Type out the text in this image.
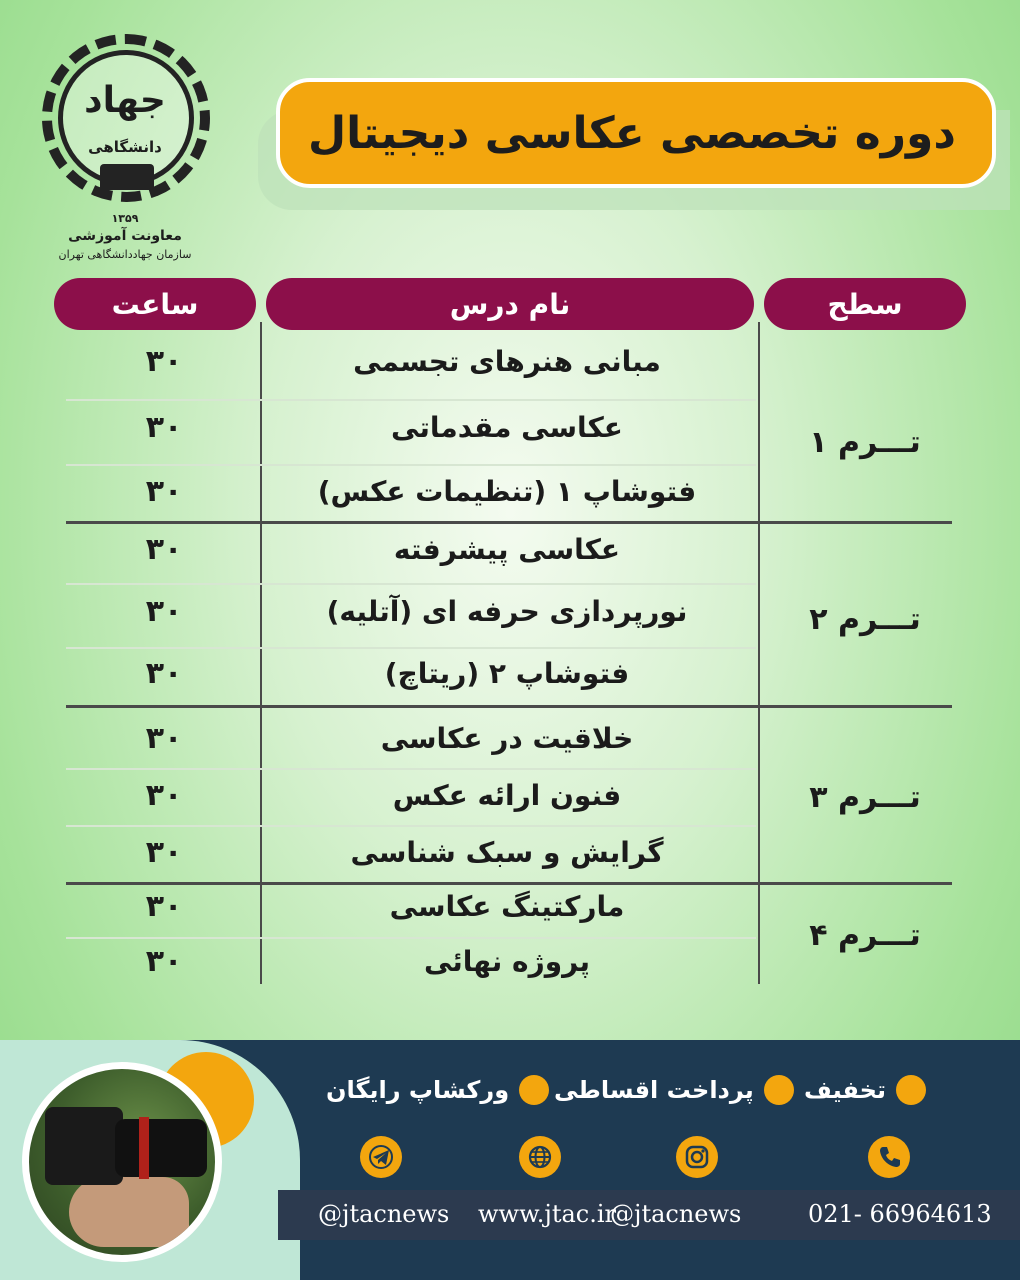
جهاد
دانشگاهی
۱۳۵۹
معاونت آموزشی
سازمان جهاددانشگاهی تهران
دوره تخصصی عکاسی دیجیتال
سطح
نام درس
ساعت
مبانی هنرهای تجسمی
۳۰
عکاسی مقدماتی
۳۰
فتوشاپ ۱ (تنظیمات عکس)
۳۰
تـــرم ۱
عکاسی پیشرفته
۳۰
نورپردازی حرفه ای (آتلیه)
۳۰
فتوشاپ ۲ (ریتاچ)
۳۰
تـــرم ۲
خلاقیت در عکاسی
۳۰
فنون ارائه عکس
۳۰
گرایش و سبک شناسی
۳۰
تـــرم ۳
مارکتینگ عکاسی
۳۰
پروژه نهائی
۳۰
تـــرم ۴
تخفیف
پرداخت اقساطی
ورکشاپ رایگان
021- 66964613
@jtacnews
www.jtac.ir
@jtacnews
